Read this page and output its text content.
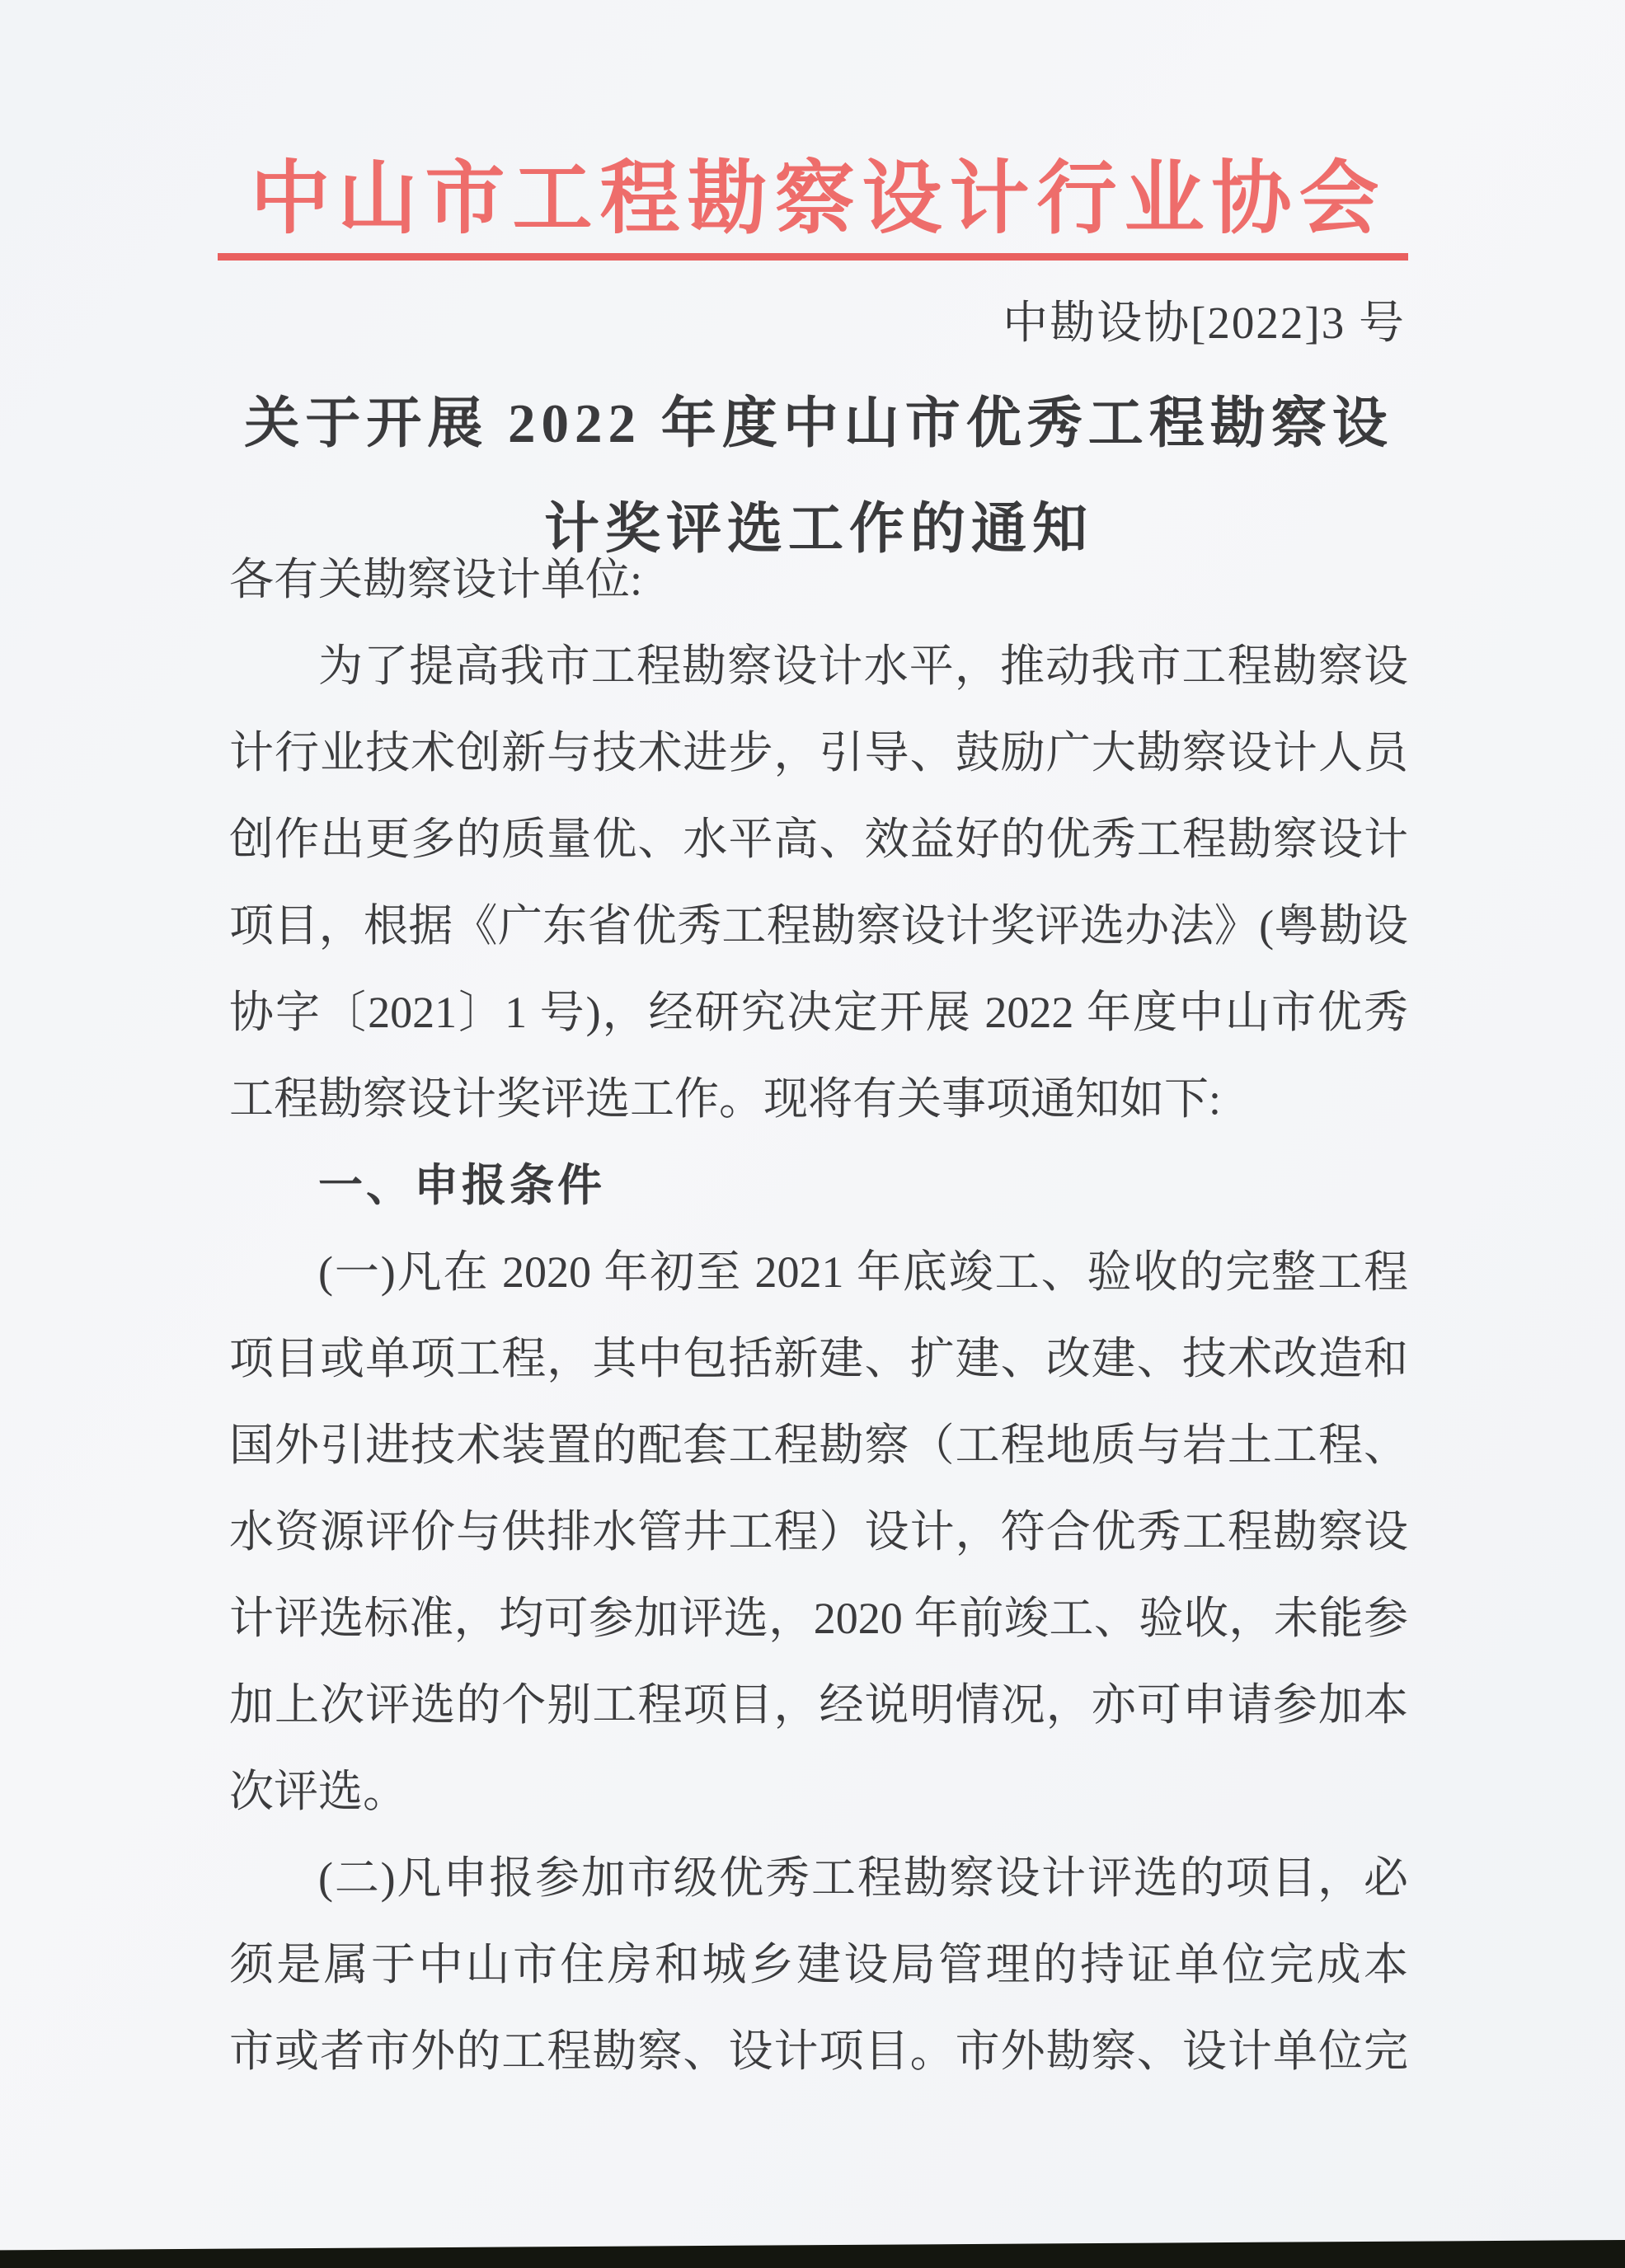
中山市工程勘察设计行业协会
中勘设协[2022]3 号
关于开展 2022 年度中山市优秀工程勘察设
计奖评选工作的通知
各有关勘察设计单位:
为了提高我市工程勘察设计水平，推动我市工程勘察设
计行业技术创新与技术进步，引导、鼓励广大勘察设计人员
创作出更多的质量优、水平高、效益好的优秀工程勘察设计
项目，根据《广东省优秀工程勘察设计奖评选办法》(粤勘设
协字〔2021〕1 号)，经研究决定开展 2022 年度中山市优秀
工程勘察设计奖评选工作。现将有关事项通知如下:
一、申报条件
(一)凡在 2020 年初至 2021 年底竣工、验收的完整工程
项目或单项工程，其中包括新建、扩建、改建、技术改造和
国外引进技术装置的配套工程勘察（工程地质与岩土工程、
水资源评价与供排水管井工程）设计，符合优秀工程勘察设
计评选标准，均可参加评选，2020 年前竣工、验收，未能参
加上次评选的个别工程项目，经说明情况，亦可申请参加本
次评选。
(二)凡申报参加市级优秀工程勘察设计评选的项目，必
须是属于中山市住房和城乡建设局管理的持证单位完成本
市或者市外的工程勘察、设计项目。市外勘察、设计单位完
